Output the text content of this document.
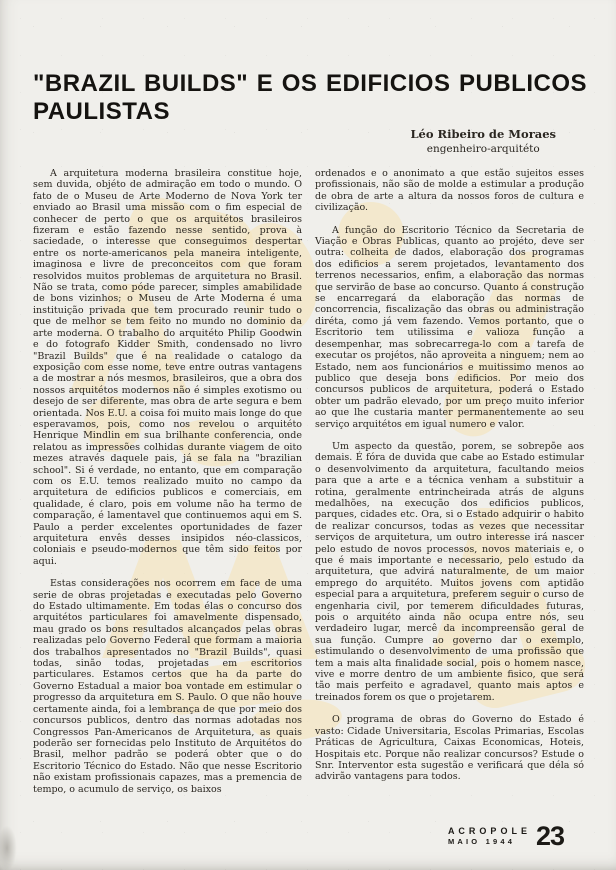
"BRAZIL BUILDS" E OS EDIFICIOS PUBLICOS PAULISTAS
Léo Ribeiro de Moraes
engenheiro-arquitéto

A arquitetura moderna brasileira constitue hoje, sem duvida, objéto de admiração em todo o mundo. O fato de o Museu de Arte Moderno de Nova York ter enviado ao Brasil uma missão com o fim especial de conhecer de perto o que os arquitétos brasileiros fizeram e estão fazendo nesse sentido, prova à saciedade, o interesse que conseguimos despertar entre os norte-americanos pela maneira inteligente, imaginosa e livre de preconceitos com que foram resolvidos muitos problemas de arquitetura no Brasil. Não se trata, como póde parecer, simples amabilidade de bons vizinhos; o Museu de Arte Moderna é uma instituição privada que tem procurado reunir tudo o que de melhor se tem feito no mundo no dominio da arte moderna. O trabalho do arquitéto Philip Goodwin e do fotografo Kidder Smith, condensado no livro "Brazil Builds" que é na realidade o catalogo da exposição com esse nome, teve entre outras vantagens a de mostrar a nós mesmos, brasileiros, que a obra dos nossos arquitétos modernos não é simples exotismo ou desejo de ser diferente, mas obra de arte segura e bem orientada. Nos E.U. a coisa foi muito mais longe do que esperavamos, pois, como nos revelou o arquitéto Henrique Mindlin em sua brilhante conferencia, onde relatou as impressões colhidas durante viagem de oito mezes através daquele pais, já se fala na "brazilian school". Si é verdade, no entanto, que em comparação com os E.U. temos realizado muito no campo da arquitetura de edificios publicos e comerciais, em qualidade, é claro, pois em volume não ha termo de comparação, é lamentavel que continuemos aqui em S. Paulo a perder excelentes oportunidades de fazer arquitetura envês desses insipidos néo-classicos, coloniais e pseudo-modernos que têm sido feitos por aqui.

Estas considerações nos ocorrem em face de uma serie de obras projetadas e executadas pelo Governo do Estado ultimamente. Em todas élas o concurso dos arquitétos particulares foi amavelmente dispensado, mau grado os bons resultados alcançados pelas obras realizadas pelo Governo Federal que formam a maioria dos trabalhos apresentados no "Brazil Builds", quasi todas, sinão todas, projetadas em escritorios particulares. Estamos certos que ha da parte do Governo Estadual a maior boa vontade em estimular o progresso da arquitetura em S. Paulo. O que não houve certamente ainda, foi a lembrança de que por meio dos concursos publicos, dentro das normas adotadas nos Congressos Pan-Americanos de Arquitetura, as quais poderão ser fornecidas pelo Instituto de Arquitétos do Brasil, melhor padrão se poderá obter que o do Escritorio Técnico do Estado. Não que nesse Escritorio não existam profissionais capazes, mas a premencia de tempo, o acumulo de serviço, os baixos

ordenados e o anonimato a que estão sujeitos esses profissionais, não são de molde a estimular a produção de obra de arte a altura da nossos foros de cultura e civilização.

A função do Escritorio Técnico da Secretaria de Viação e Obras Publicas, quanto ao projéto, deve ser outra: colheita de dados, elaboração dos programas dos edificios a serem projetados, levantamento dos terrenos necessarios, enfim, a elaboração das normas que servirão de base ao concurso. Quanto á construção se encarregará da elaboração das normas de concorrencia, fiscalização das obras ou administração diréta, como já vem fazendo. Vemos portanto, que o Escritorio tem utilissima e valioza função a desempenhar, mas sobrecarrega-lo com a tarefa de executar os projétos, não aproveita a ninguem; nem ao Estado, nem aos funcionários e muitissimo menos ao publico que deseja bons edificios. Por meio dos concursos publicos de arquitetura, poderá o Estado obter um padrão elevado, por um preço muito inferior ao que lhe custaria manter permanentemente ao seu serviço arquitétos em igual numero e valor.

Um aspecto da questão, porem, se sobrepõe aos demais. É fóra de duvida que cabe ao Estado estimular o desenvolvimento da arquitetura, facultando meios para que a arte e a técnica venham a substituir a rotina, geralmente entrincheirada atrás de alguns medalhões, na execução dos edificios publicos, parques, cidades etc. Ora, si o Estado adquirir o habito de realizar concursos, todas as vezes que necessitar serviços de arquitetura, um outro interesse irá nascer pelo estudo de novos processos, novos materiais e, o que é mais importante e necessario, pelo estudo da arquitetura, que advirá naturalmente, de um maior emprego do arquitéto. Muitos jovens com aptidão especial para a arquitetura, preferem seguir o curso de engenharia civil, por temerem dificuldades futuras, pois o arquitéto ainda não ocupa entre nós, seu verdadeiro lugar, mercê da incompreensão geral de sua função. Cumpre ao governo dar o exemplo, estimulando o desenvolvimento de uma profissão que tem a mais alta finalidade social, pois o homem nasce, vive e morre dentro de um ambiente fisico, que será tão mais perfeito e agradavel, quanto mais aptos e treinados forem os que o projetarem.

O programa de obras do Governo do Estado é vasto: Cidade Universitaria, Escolas Primarias, Escolas Práticas de Agricultura, Caixas Economicas, Hoteis, Hospitais etc. Porque não realizar concursos? Estude o Snr. Interventor esta sugestão e verificará que déla só advirão vantagens para todos.

ACROPOLE
MAIO 1944 23
